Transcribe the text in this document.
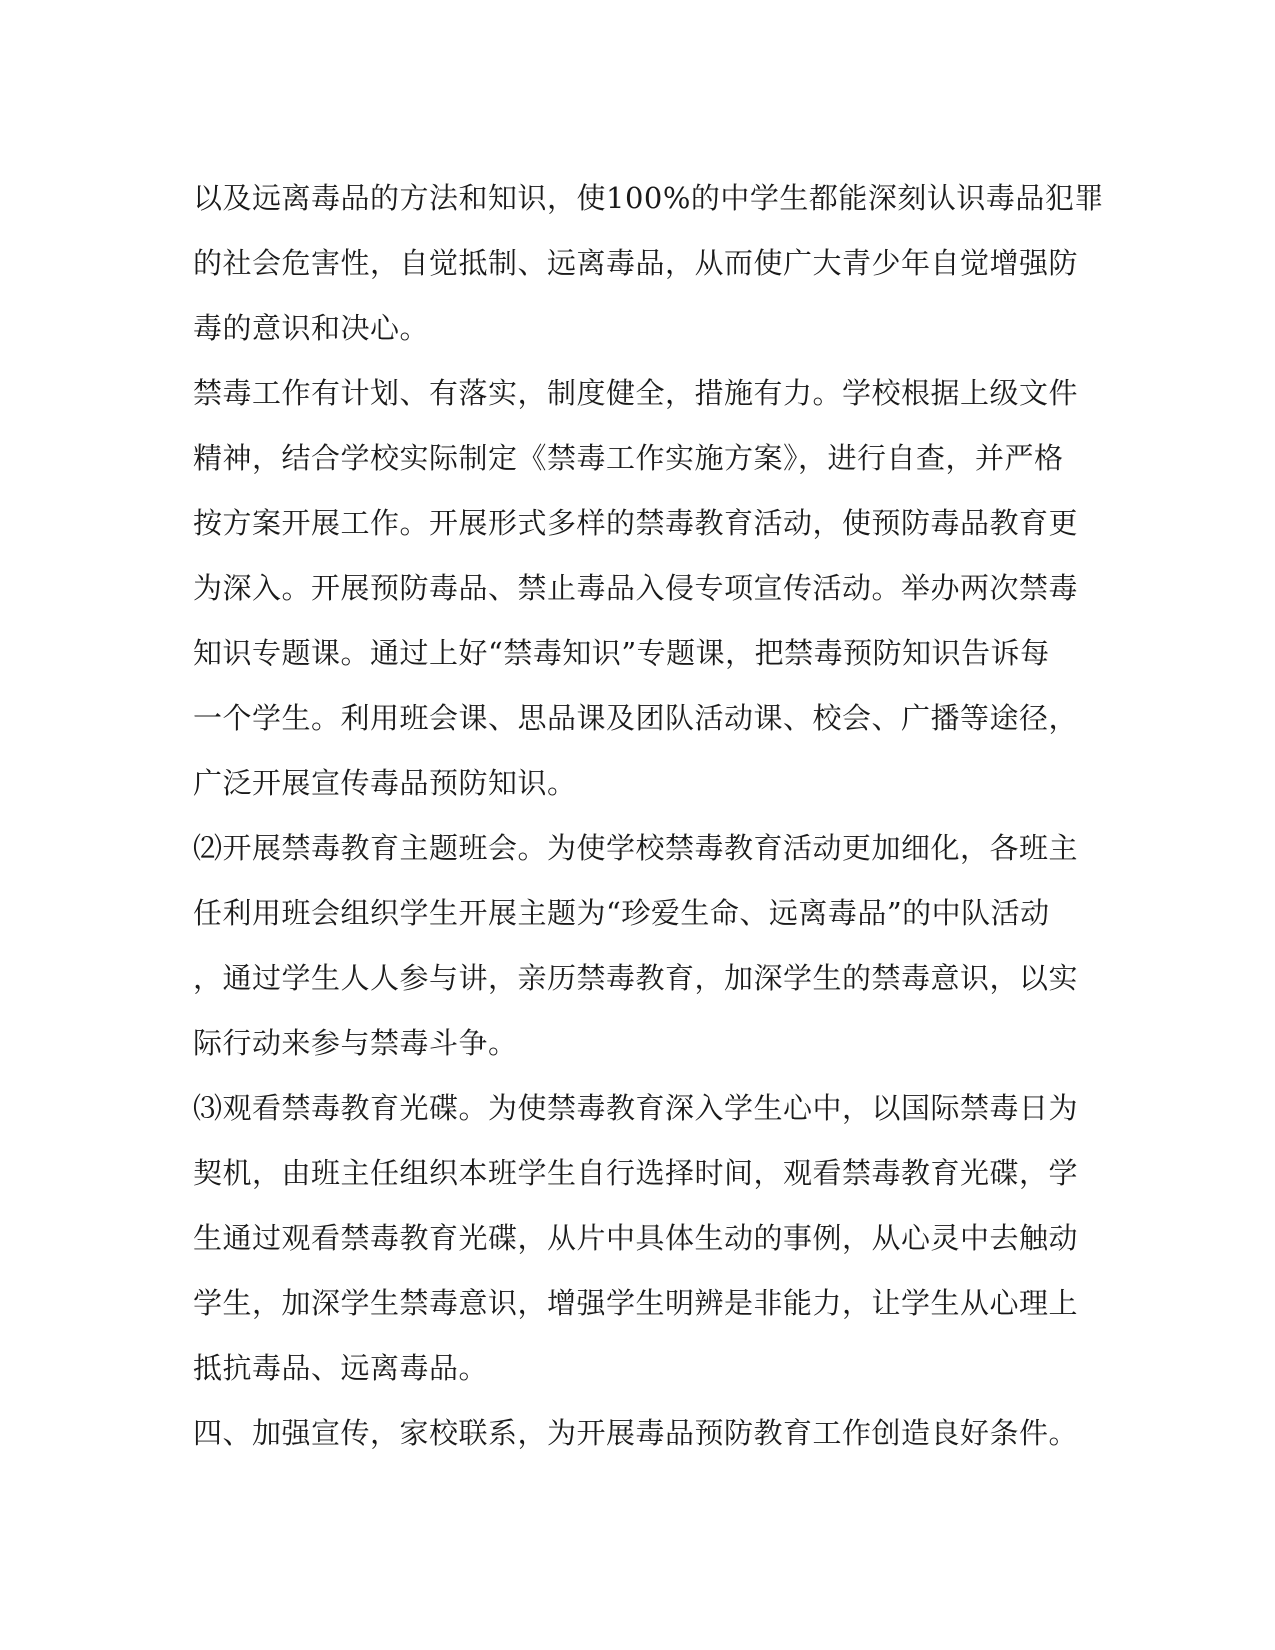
以及远离毒品的方法和知识，使100%的中学生都能深刻认识毒品犯罪
的社会危害性，自觉抵制、远离毒品，从而使广大青少年自觉增强防
毒的意识和决心。
禁毒工作有计划、有落实，制度健全，措施有力。学校根据上级文件
精神，结合学校实际制定《禁毒工作实施方案》，进行自查，并严格
按方案开展工作。开展形式多样的禁毒教育活动，使预防毒品教育更
为深入。开展预防毒品、禁止毒品入侵专项宣传活动。举办两次禁毒
知识专题课。通过上好“禁毒知识”专题课，把禁毒预防知识告诉每
一个学生。利用班会课、思品课及团队活动课、校会、广播等途径，
广泛开展宣传毒品预防知识。
⑵开展禁毒教育主题班会。为使学校禁毒教育活动更加细化，各班主
任利用班会组织学生开展主题为“珍爱生命、远离毒品”的中队活动
，通过学生人人参与讲，亲历禁毒教育，加深学生的禁毒意识，以实
际行动来参与禁毒斗争。
⑶观看禁毒教育光碟。为使禁毒教育深入学生心中，以国际禁毒日为
契机，由班主任组织本班学生自行选择时间，观看禁毒教育光碟，学
生通过观看禁毒教育光碟，从片中具体生动的事例，从心灵中去触动
学生，加深学生禁毒意识，增强学生明辨是非能力，让学生从心理上
抵抗毒品、远离毒品。
四、加强宣传，家校联系，为开展毒品预防教育工作创造良好条件。
